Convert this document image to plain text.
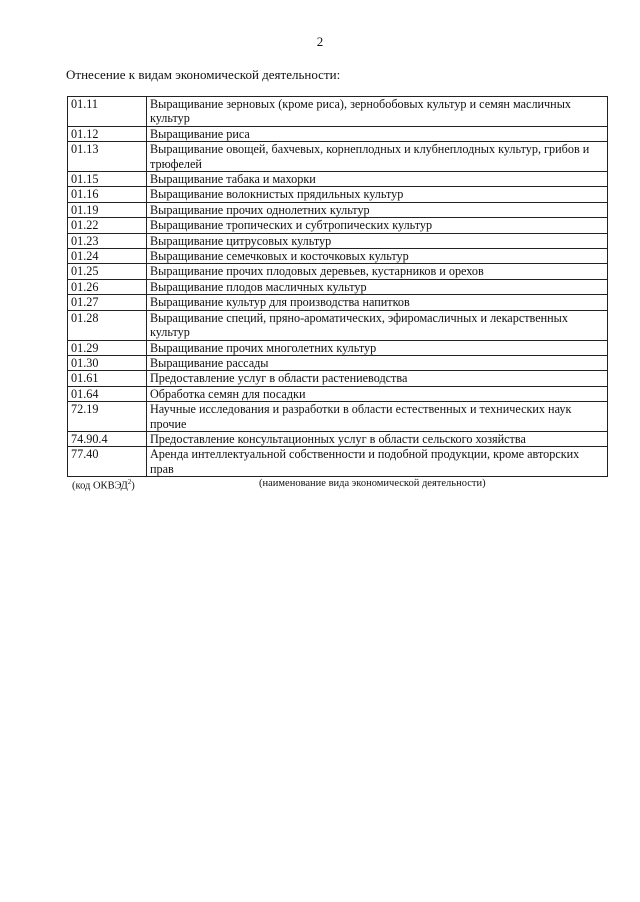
2
Отнесение к видам экономической деятельности:
01.11	Выращивание зерновых (кроме риса), зернобобовых культур и семян масличных культур
01.12	Выращивание риса
01.13	Выращивание овощей, бахчевых, корнеплодных и клубнеплодных культур, грибов и трюфелей
01.15	Выращивание табака и махорки
01.16	Выращивание волокнистых прядильных культур
01.19	Выращивание прочих однолетних культур
01.22	Выращивание тропических и субтропических культур
01.23	Выращивание цитрусовых культур
01.24	Выращивание семечковых и косточковых культур
01.25	Выращивание прочих плодовых деревьев, кустарников и орехов
01.26	Выращивание плодов масличных культур
01.27	Выращивание культур для производства напитков
01.28	Выращивание специй, пряно-ароматических, эфиромасличных и лекарственных культур
01.29	Выращивание прочих многолетних культур
01.30	Выращивание рассады
01.61	Предоставление услуг в области растениеводства
01.64	Обработка семян для посадки
72.19	Научные исследования и разработки в области естественных и технических наук прочие
74.90.4	Предоставление консультационных услуг в области сельского хозяйства
77.40	Аренда интеллектуальной собственности и подобной продукции, кроме авторских прав
(код ОКВЭД$^2$)	(наименование вида экономической деятельности)
